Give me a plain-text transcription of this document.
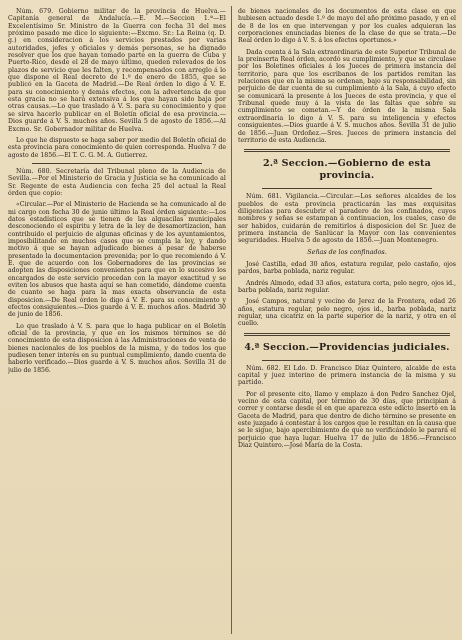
Núm. 679. Gobierno militar de la provincia de Huelva.—Capitanía general de Andalucía.—E. M.—Seccion 1.ª—El Excelentísimo Sr. Ministro de la Guerra con fecha 31 del mes próximo pasado me dice lo siguiente:—Excmo. Sr.: La Reina (q. D. g.) en consideracion á los servicios prestados por varias autoridades, jefes y oficiales y demás personas, se ha dignado resolver que los que hayan tomado parte en la guerra de Cuba y Puerto-Rico, desde el 28 de mayo último, queden relevados de los plazos de servicio que les falten, y recompensados con arreglo á lo que dispone el Real decreto de 1.º de enero de 1855, que se publicó en la Gaceta de Madrid.—De Real órden lo digo á V. E. para su conocimiento y demás efectos, con la advertencia de que esta gracia no se hará extensiva á los que hayan sido baja por otras causas.—Lo que traslado á V. S. para su conocimiento y que se sirva hacerlo publicar en el Boletín oficial de esa provincia.—Dios guarde á V. S. muchos años. Sevilla 5 de agosto de 1856.—Al Excmo. Sr. Gobernador militar de Huelva.

Lo que he dispuesto se haga saber por medio del Boletín oficial de esta provincia para conocimiento de quien corresponda. Huelva 7 de agosto de 1856.—El T. C. G. M. A. Gutierrez.

Núm. 680. Secretaría del Tribunal pleno de la Audiencia de Sevilla.—Por el Ministerio de Gracia y Justicia se ha comunicado al Sr. Regente de esta Audiencia con fecha 25 del actual la Real órden que copio:

«Circular.—Por el Ministerio de Hacienda se ha comunicado al de mi cargo con fecha 30 de junio último la Real órden siguiente:—Los datos estadísticos que se tienen de las alguacilas municipales desconociendo el espíritu y letra de la ley de desamortizacion, han contribuido el perjuicio de algunas oficinas y de los ayuntamientos, imposibilitando en muchos casos que se cumpla la ley, y dando motivo á que se hayan adjudicado bienes á pesar de haberse presentado la documentacion prevenida; por lo que recomiendo á V. E. que de acuerdo con los Gobernadores de las provincias se adopten las disposiciones convenientes para que en lo sucesivo los encargados de este servicio procedan con la mayor exactitud y se eviten los abusos que hasta aquí se han cometido, dándome cuenta de cuanto se haga para la mas exacta observancia de esta disposicion.—De Real órden lo digo á V. E. para su conocimiento y efectos consiguientes.—Dios guarde á V. E. muchos años. Madrid 30 de junio de 1856.

Lo que traslado á V. S. para que lo haga publicar en el Boletín oficial de la provincia, y que en los mismos términos se dé conocimiento de esta disposicion á las Administraciones de venta de bienes nacionales de los pueblos de la misma, y de todos los que pudiesen tener interés en su puntual cumplimiento, dando cuenta de haberlo verificado.—Dios guarde á V. S. muchos años. Sevilla 31 de julio de 1856.

de bienes nacionales de los documentos de esta clase en que hubiesen actuado desde 1.º de mayo del año próximo pasado, y en el de 8 de los en que intervengan y por los cuales adquieran las corporaciones enunciadas bienes de la clase de que se trata.—De Real órden lo digo á V. S. á los efectos oportunos.»

Dada cuenta á la Sala extraordinaria de este Superior Tribunal de la preinserta Real órden, acordó su cumplimiento, y que se circulase por los Boletines oficiales á los Jueces de primera instancia del territorio, para que los escribanos de los partidos remitan las relaciones que en la misma se ordenan, bajo su responsabilidad, sin perjuicio de dar cuenta de su cumplimiento á la Sala, á cuyo efecto se comunicará la presente á los Jueces de esta provincia, y que el Tribunal quede muy á la vista de las faltas que sobre su cumplimiento se cometan.—Y de órden de la misma Sala extraordinaria lo digo á V. S. para su inteligencia y efectos consiguientes.—Dios guarde á V. S. muchos años. Sevilla 31 de julio de 1856.—Juan Ordoñez.—Sres. Jueces de primera instancia del territorio de esta Audiencia.

2.ª Seccion.—Gobierno de esta provincia.

Núm. 681. Vigilancia.—Circular.—Los señores alcaldes de los pueblos de esta provincia practicarán las mas exquisitas diligencias para descubrir el paradero de los confinados, cuyos nombres y señas se estampan á continuacion, los cuales, caso de ser habidos, cuidarán de remitirlos á disposicion del Sr. Juez de primera instancia de Sanlúcar la Mayor con las convenientes seguridades. Huelva 5 de agosto de 1856.—Juan Montenegro.

Señas de los confinados.

José Castilla, edad 30 años, estatura regular, pelo castaño, ojos pardos, barba poblada, nariz regular.

Andrés Almodo, edad 33 años, estatura corta, pelo negro, ojos id., barba poblada, nariz regular.

José Campos, natural y vecino de Jerez de la Frontera, edad 26 años, estatura regular, pelo negro, ojos id., barba poblada, nariz regular, una cicatriz en la parte superior de la nariz, y otra en el cuello.

4.ª Seccion.—Providencias judiciales.

Núm. 682. El Ldo. D. Francisco Diaz Quintero, alcalde de esta capital y juez interino de primera instancia de la misma y su partido.

Por el presente cito, llamo y emplazo á don Pedro Sanchez Ojel, vecino de esta capital, por término de 30 días, que principian á correr y contarse desde el en que aparezca este edicto inserto en la Gaceta de Madrid, para que dentro de dicho término se presente en este juzgado á contestar á los cargos que le resultan en la causa que se le sigue, bajo apercibimiento de que no verificándolo le parará el perjuicio que haya lugar. Huelva 17 de julio de 1856.—Francisco Diaz Quintero.—José María de la Costa.
